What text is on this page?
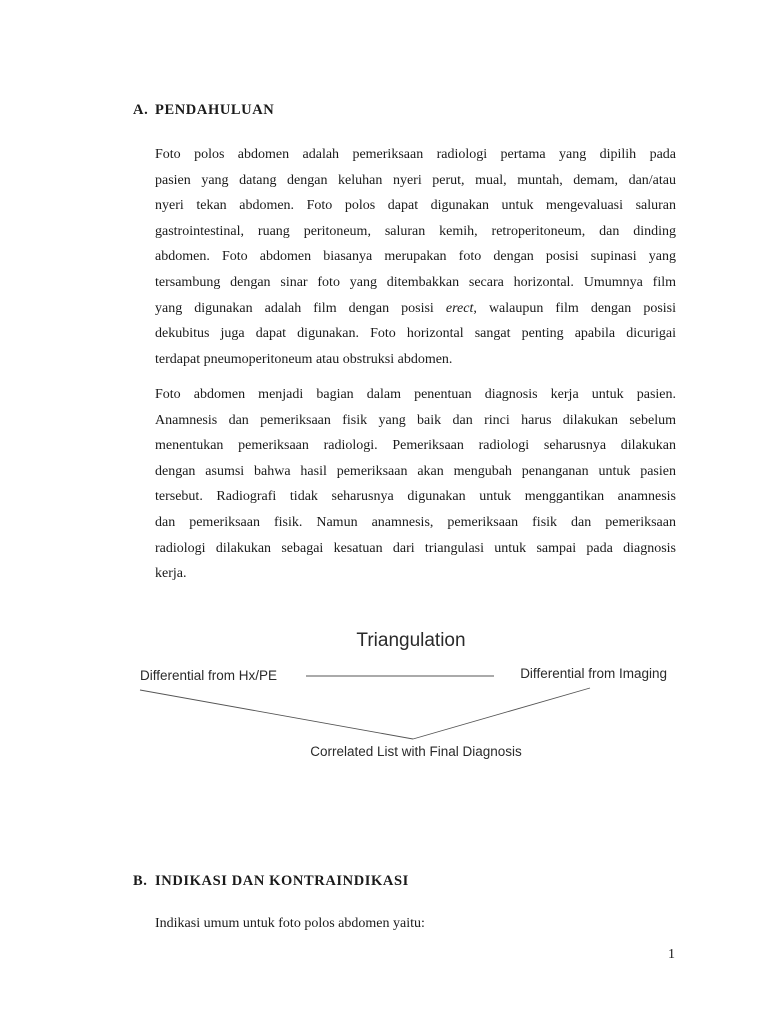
A. PENDAHULUAN
Foto polos abdomen adalah pemeriksaan radiologi pertama yang dipilih pada
pasien yang datang dengan keluhan nyeri perut, mual, muntah, demam, dan/atau
nyeri tekan abdomen. Foto polos dapat digunakan untuk mengevaluasi saluran
gastrointestinal, ruang peritoneum, saluran kemih, retroperitoneum, dan dinding
abdomen. Foto abdomen biasanya merupakan foto dengan posisi supinasi yang
tersambung dengan sinar foto yang ditembakkan secara horizontal. Umumnya film
yang digunakan adalah film dengan posisi erect, walaupun film dengan posisi
dekubitus juga dapat digunakan. Foto horizontal sangat penting apabila dicurigai
terdapat pneumoperitoneum atau obstruksi abdomen.
Foto abdomen menjadi bagian dalam penentuan diagnosis kerja untuk pasien.
Anamnesis dan pemeriksaan fisik yang baik dan rinci harus dilakukan sebelum
menentukan pemeriksaan radiologi. Pemeriksaan radiologi seharusnya dilakukan
dengan asumsi bahwa hasil pemeriksaan akan mengubah penanganan untuk pasien
tersebut. Radiografi tidak seharusnya digunakan untuk menggantikan anamnesis
dan pemeriksaan fisik. Namun anamnesis, pemeriksaan fisik dan pemeriksaan
radiologi dilakukan sebagai kesatuan dari triangulasi untuk sampai pada diagnosis
kerja.
Triangulation
Differential from Hx/PE	Differential from Imaging
Correlated List with Final Diagnosis
B. INDIKASI DAN KONTRAINDIKASI
Indikasi umum untuk foto polos abdomen yaitu:
1
